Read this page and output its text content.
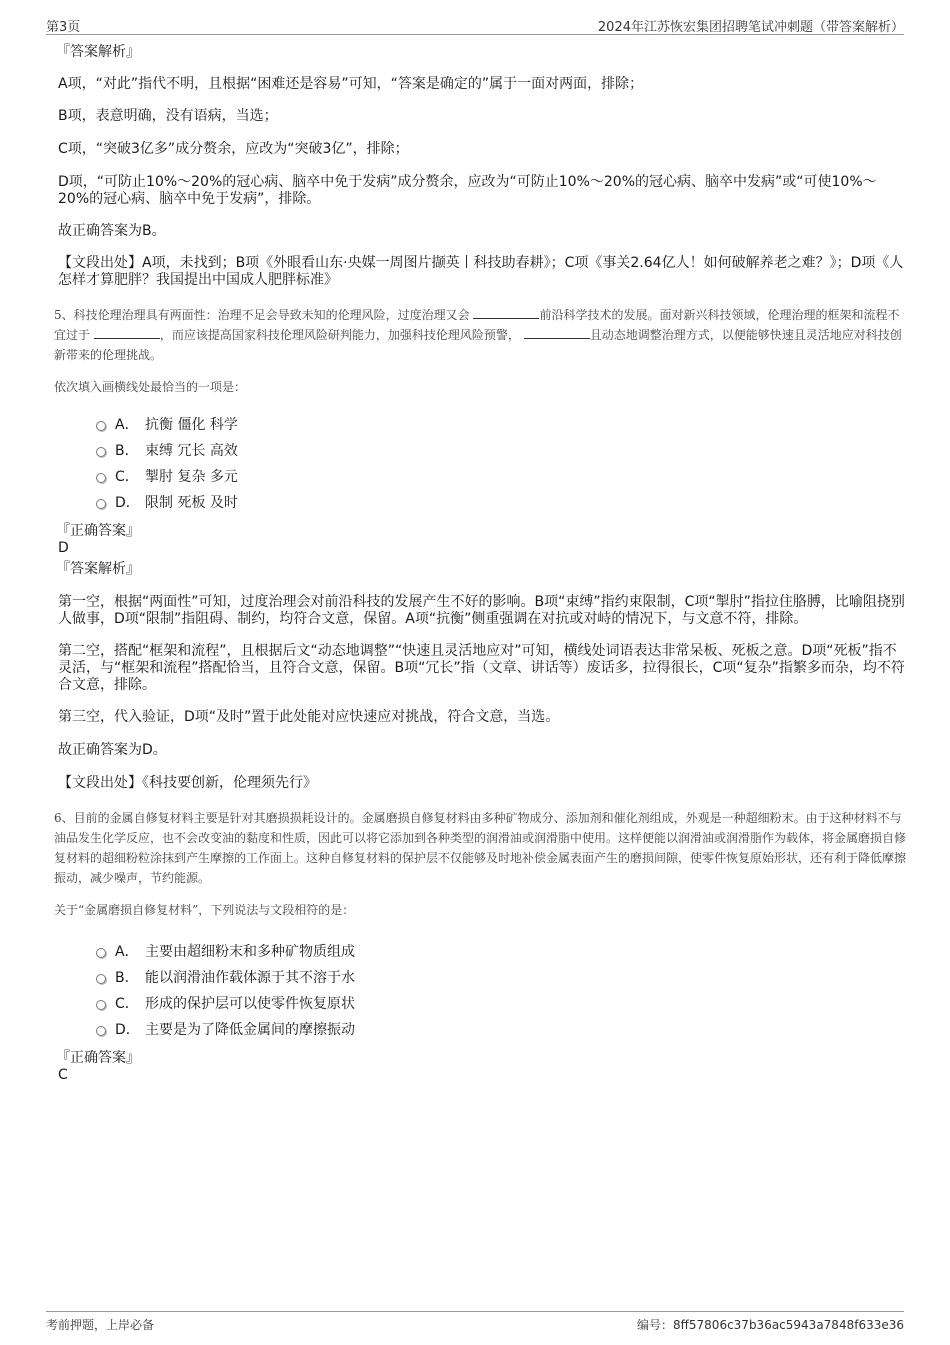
第3页	2024年江苏恢宏集团招聘笔试冲刺题（带答案解析）
『答案解析』

A项，“对此”指代不明，且根据“困难还是容易”可知，“答案是确定的”属于一面对两面，排除；

B项，表意明确，没有语病，当选；

C项，“突破3亿多”成分赘余，应改为“突破3亿”，排除；

D项，“可防止10%～20%的冠心病、脑卒中免于发病”成分赘余，应改为“可防止10%～20%的冠心病、脑卒中发病”或“可使10%～20%的冠心病、脑卒中免于发病”，排除。

故正确答案为B。

【文段出处】A项，未找到；B项《外眼看山东·央媒一周图片撷英丨科技助春耕》；C项《事关2.64亿人！如何破解养老之难？》；D项《人怎样才算肥胖？我国提出中国成人肥胖标准》

5、科技伦理治理具有两面性：治理不足会导致未知的伦理风险，过度治理又会	前沿科学技术的发展。面对新兴科技领域，伦理治理的框架和流程不宜过于	，而应该提高国家科技伦理风险研判能力，加强科技伦理风险预警，	且动态地调整治理方式，以便能够快速且灵活地应对科技创新带来的伦理挑战。

依次填入画横线处最恰当的一项是：

A． 抗衡 僵化 科学
B． 束缚 冗长 高效
C． 掣肘 复杂 多元
D． 限制 死板 及时
『正确答案』
D
『答案解析』

第一空，根据“两面性”可知，过度治理会对前沿科技的发展产生不好的影响。B项“束缚”指约束限制，C项“掣肘”指拉住胳膊，比喻阻挠别人做事，D项“限制”指阻碍、制约，均符合文意，保留。A项“抗衡”侧重强调在对抗或对峙的情况下，与文意不符，排除。

第二空，搭配“框架和流程”，且根据后文“动态地调整”“快速且灵活地应对”可知，横线处词语表达非常呆板、死板之意。D项“死板”指不灵活，与“框架和流程”搭配恰当，且符合文意，保留。B项“冗长”指（文章、讲话等）废话多，拉得很长，C项“复杂”指繁多而杂，均不符合文意，排除。

第三空，代入验证，D项“及时”置于此处能对应快速应对挑战，符合文意，当选。

故正确答案为D。

【文段出处】《科技要创新，伦理须先行》

6、目前的金属自修复材料主要是针对其磨损损耗设计的。金属磨损自修复材料由多种矿物成分、添加剂和催化剂组成，外观是一种超细粉末。由于这种材料不与油品发生化学反应，也不会改变油的黏度和性质，因此可以将它添加到各种类型的润滑油或润滑脂中使用。这样便能以润滑油或润滑脂作为载体，将金属磨损自修复材料的超细粉粒涂抹到产生摩擦的工作面上。这种自修复材料的保护层不仅能够及时地补偿金属表面产生的磨损间隙，使零件恢复原始形状，还有利于降低摩擦振动，减少噪声，节约能源。

关于“金属磨损自修复材料”，下列说法与文段相符的是：

A． 主要由超细粉末和多种矿物质组成
B． 能以润滑油作载体源于其不溶于水
C． 形成的保护层可以使零件恢复原状
D． 主要是为了降低金属间的摩擦振动
『正确答案』
C
考前押题，上岸必备	编号：8ff57806c37b36ac5943a7848f633e36
